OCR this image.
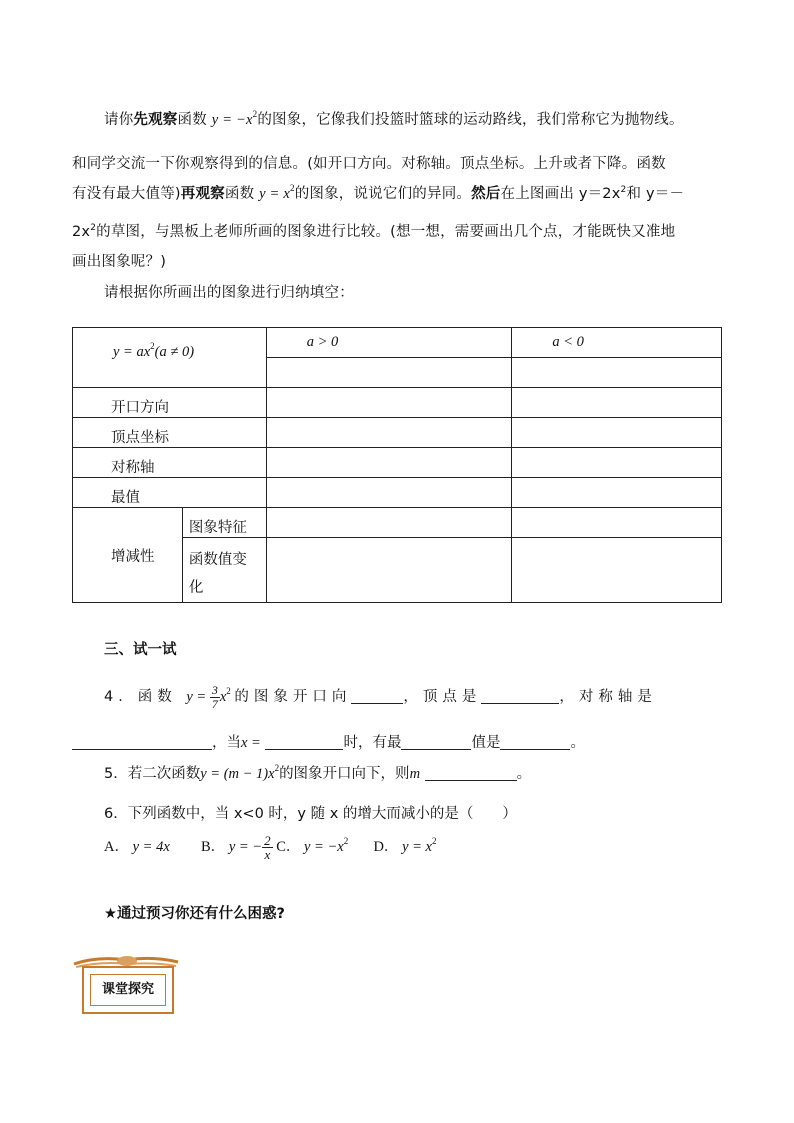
请你先观察函数 $y = -x^2$的图象，它像我们投篮时篮球的运动路线，我们常称它为抛物线。
和同学交流一下你观察得到的信息。(如开口方向。对称轴。顶点坐标。上升或者下降。函数
有没有最大值等)再观察函数 $y = x^2$的图象，说说它们的异同。然后在上图画出 $y=2x^2$和 y＝－
$2x^2$的草图，与黑板上老师所画的图象进行比较。(想一想，需要画出几个点，才能既快又准地
画出图象呢？)
请根据你所画出的图象进行归纳填空：
$y = ax^2(a \ne 0)$		a > 0	a < 0

开口方向			
顶点坐标			
对称轴			
最值			
增减性	图象特征		

	函数值变
化		

三、试一试
4．函数 $y = \frac{3}{7}x^2$ 的图象开口向	，顶点是	，对称轴是
，当x =	时，有最	值是	。
5．若二次函数$y = (m - 1)x^2$的图象开口向下，则m	。
6．下列函数中，当 x<0 时，y 随 x 的增大而减小的是（　　）
A． y = 4x B． y = − $\frac{2}{x}$ C． $y = -x^2$ D． $y = x^2$
★通过预习你还有什么困惑?
课堂探究
